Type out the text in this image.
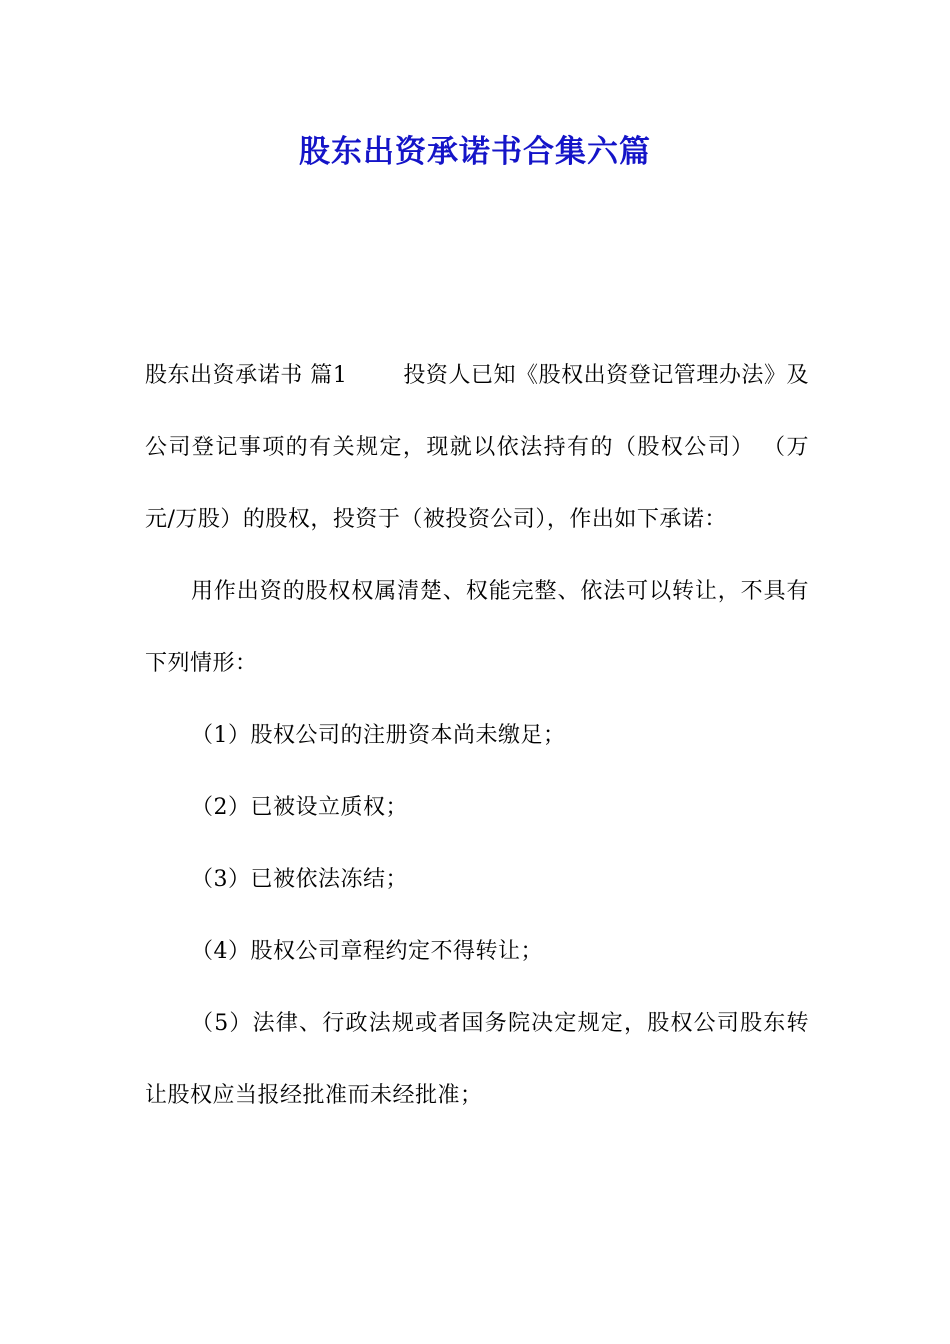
股东出资承诺书合集六篇

股东出资承诺书 篇1	投资人已知《股权出资登记管理办法》及公司登记事项的有关规定，现就以依法持有的（股权公司） （万元/万股）的股权，投资于（被投资公司），作出如下承诺：

用作出资的股权权属清楚、权能完整、依法可以转让，不具有下列情形：

（1）股权公司的注册资本尚未缴足；

（2）已被设立质权；

（3）已被依法冻结；

（4）股权公司章程约定不得转让；

（5）法律、行政法规或者国务院决定规定，股权公司股东转让股权应当报经批准而未经批准；
